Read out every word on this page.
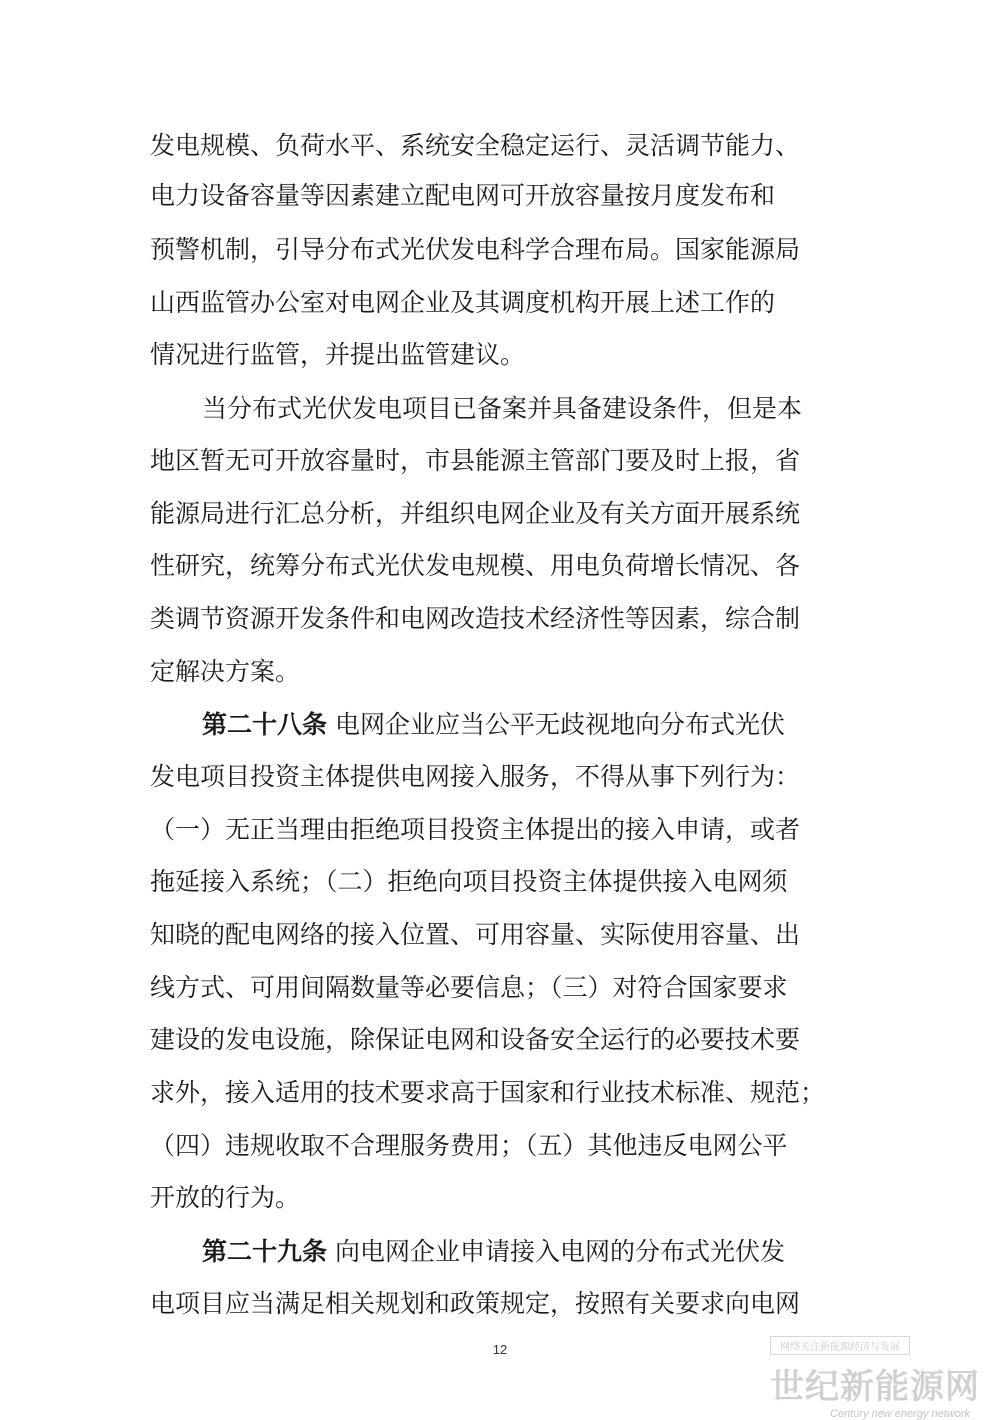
发电规模、负荷水平、系统安全稳定运行、灵活调节能力、
电力设备容量等因素建立配电网可开放容量按月度发布和
预警机制，引导分布式光伏发电科学合理布局。国家能源局
山西监管办公室对电网企业及其调度机构开展上述工作的
情况进行监管，并提出监管建议。
当分布式光伏发电项目已备案并具备建设条件，但是本
地区暂无可开放容量时，市县能源主管部门要及时上报，省
能源局进行汇总分析，并组织电网企业及有关方面开展系统
性研究，统筹分布式光伏发电规模、用电负荷增长情况、各
类调节资源开发条件和电网改造技术经济性等因素，综合制
定解决方案。
第二十八条 电网企业应当公平无歧视地向分布式光伏
发电项目投资主体提供电网接入服务，不得从事下列行为：
（一）无正当理由拒绝项目投资主体提出的接入申请，或者
拖延接入系统；（二）拒绝向项目投资主体提供接入电网须
知晓的配电网络的接入位置、可用容量、实际使用容量、出
线方式、可用间隔数量等必要信息；（三）对符合国家要求
建设的发电设施，除保证电网和设备安全运行的必要技术要
求外，接入适用的技术要求高于国家和行业技术标准、规范；
（四）违规收取不合理服务费用；（五）其他违反电网公平
开放的行为。
第二十九条 向电网企业申请接入电网的分布式光伏发
电项目应当满足相关规划和政策规定，按照有关要求向电网
12	网络关注新能源经济与发展
世纪新能源网
Century new energy network
